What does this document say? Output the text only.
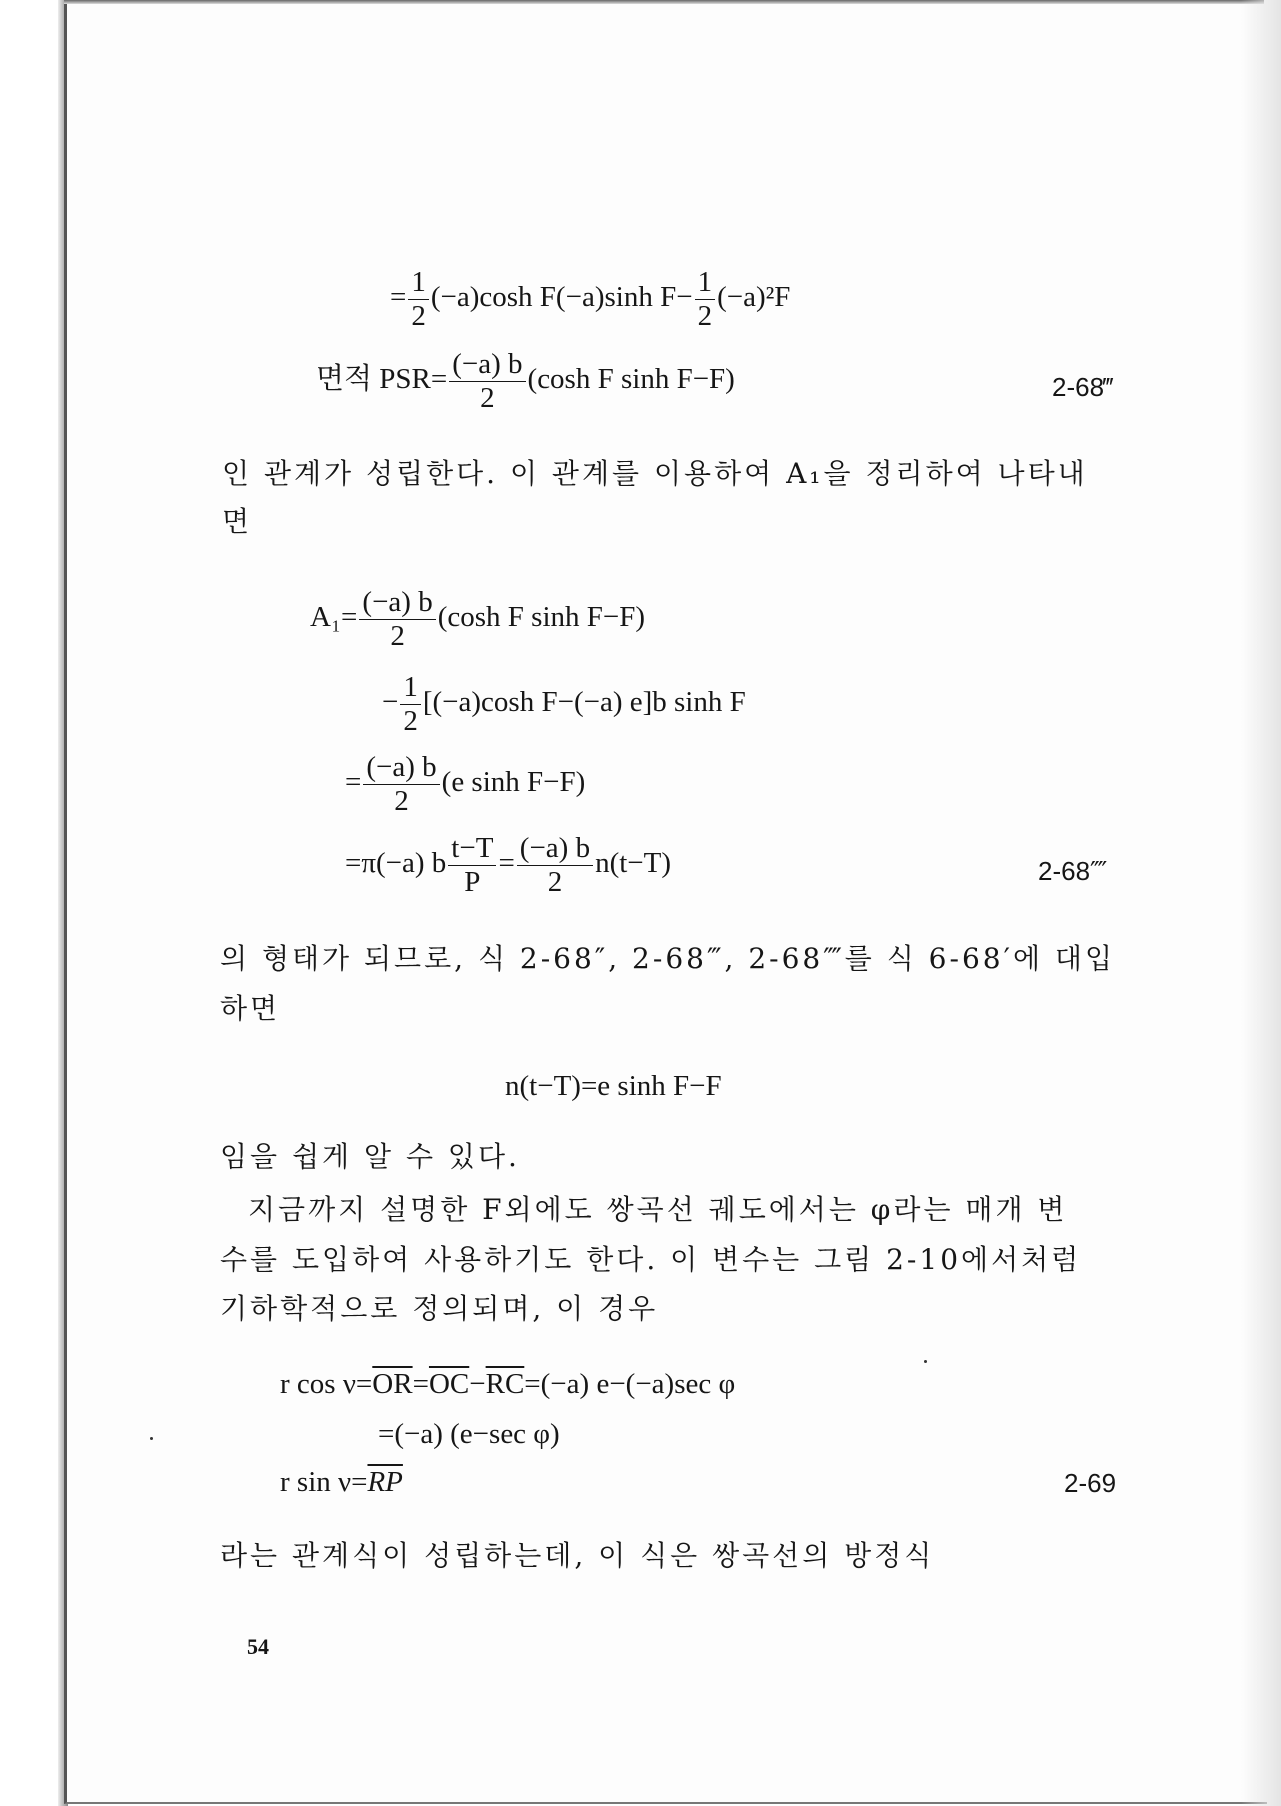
= $\frac{1}{2} (-a)\cosh$ F(−a)sinh $F- \frac{1}{2} (-a)^2F$
면적 $PSR= \frac{(-a) b}{2} (\cosh$ F sinh F−F)	2-68‴
인 관계가 성립한다. 이 관계를 이용하여 A₁을 정리하여 나타내
면
$A_1= \frac{(-a) b}{2} (\cosh$ F sinh F−F)
− $\frac{1}{2} [(-a)\cosh$ F−(−a) e]b sinh F
= $\frac{(-a) b}{2} (e$ sinh F−F)
=π(−a) b $\frac{t-T}{P} = \frac{(-a) b}{2} n(t-T)$	2-68⁗
의 형태가 되므로, 식 2-68″, 2-68‴, 2-68⁗를 식 6-68′에 대입
하면
n(t−T)=e sinh F−F
임을 쉽게 알 수 있다.
지금까지 설명한 F외에도 쌍곡선 궤도에서는 φ라는 매개 변
수를 도입하여 사용하기도 한다. 이 변수는 그림 2-10에서처럼
기하학적으로 정의되며, 이 경우
r $\cos \nu=\overline{OR}=\overline{OC}-\overline{RC}=(-a)$ e−(−a)sec φ
=(−a) (e−sec φ)
r $\sin \nu=\overline{RP}$	2-69
라는 관계식이 성립하는데, 이 식은 쌍곡선의 방정식
54
